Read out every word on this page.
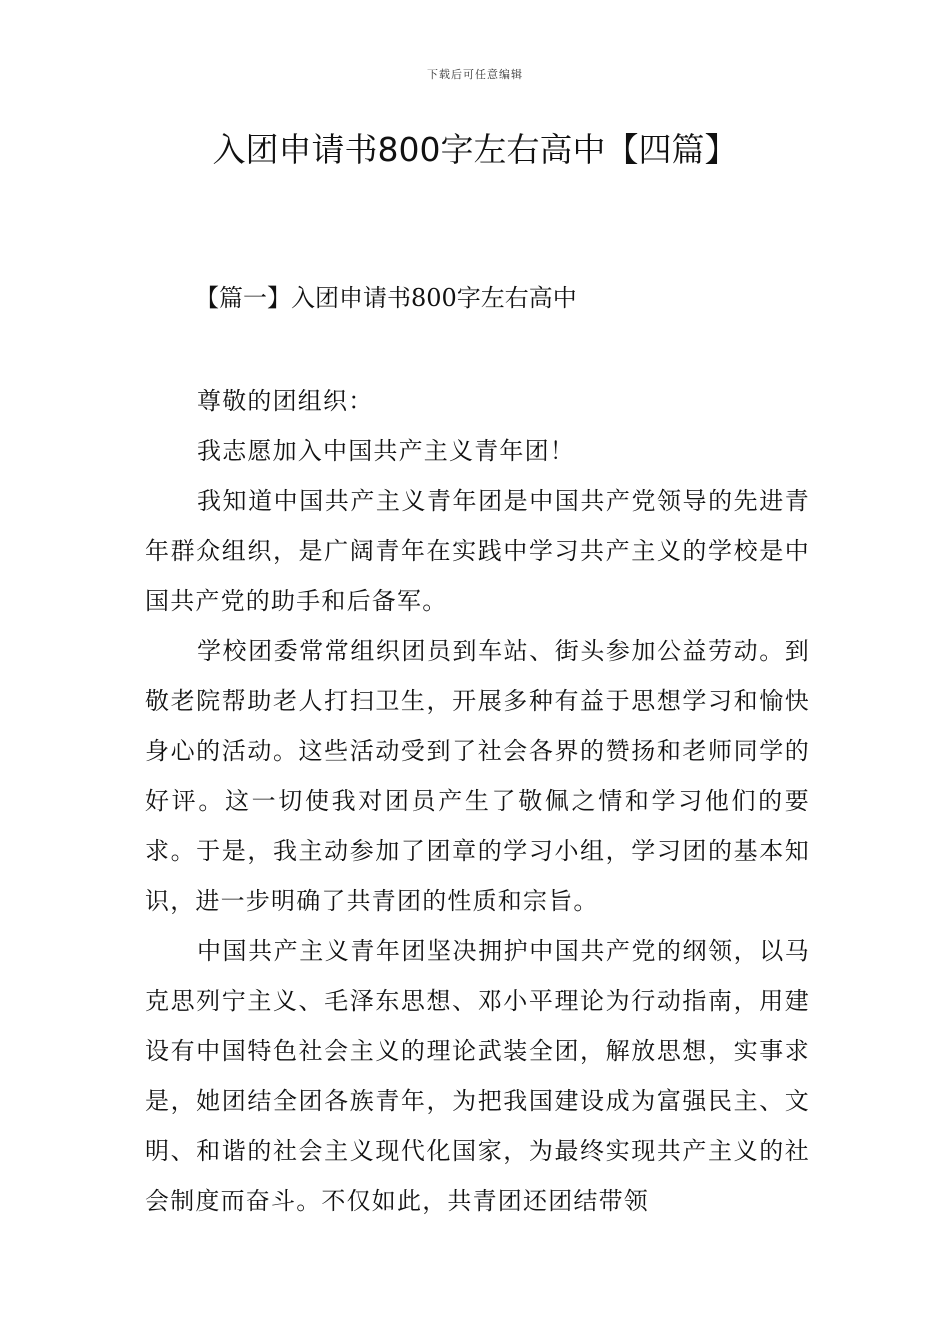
下载后可任意编辑
入团申请书800字左右高中【四篇】
【篇一】入团申请书800字左右高中

尊敬的团组织：

我志愿加入中国共产主义青年团！

我知道中国共产主义青年团是中国共产党领导的先进青年群众组织，是广阔青年在实践中学习共产主义的学校是中国共产党的助手和后备军。

学校团委常常组织团员到车站、街头参加公益劳动。到敬老院帮助老人打扫卫生，开展多种有益于思想学习和愉快身心的活动。这些活动受到了社会各界的赞扬和老师同学的好评。这一切使我对团员产生了敬佩之情和学习他们的要求。于是，我主动参加了团章的学习小组，学习团的基本知识，进一步明确了共青团的性质和宗旨。

中国共产主义青年团坚决拥护中国共产党的纲领，以马克思列宁主义、毛泽东思想、邓小平理论为行动指南，用建设有中国特色社会主义的理论武装全团，解放思想，实事求是，她团结全团各族青年，为把我国建设成为富强民主、文明、和谐的社会主义现代化国家，为最终实现共产主义的社会制度而奋斗。不仅如此，共青团还团结带领
